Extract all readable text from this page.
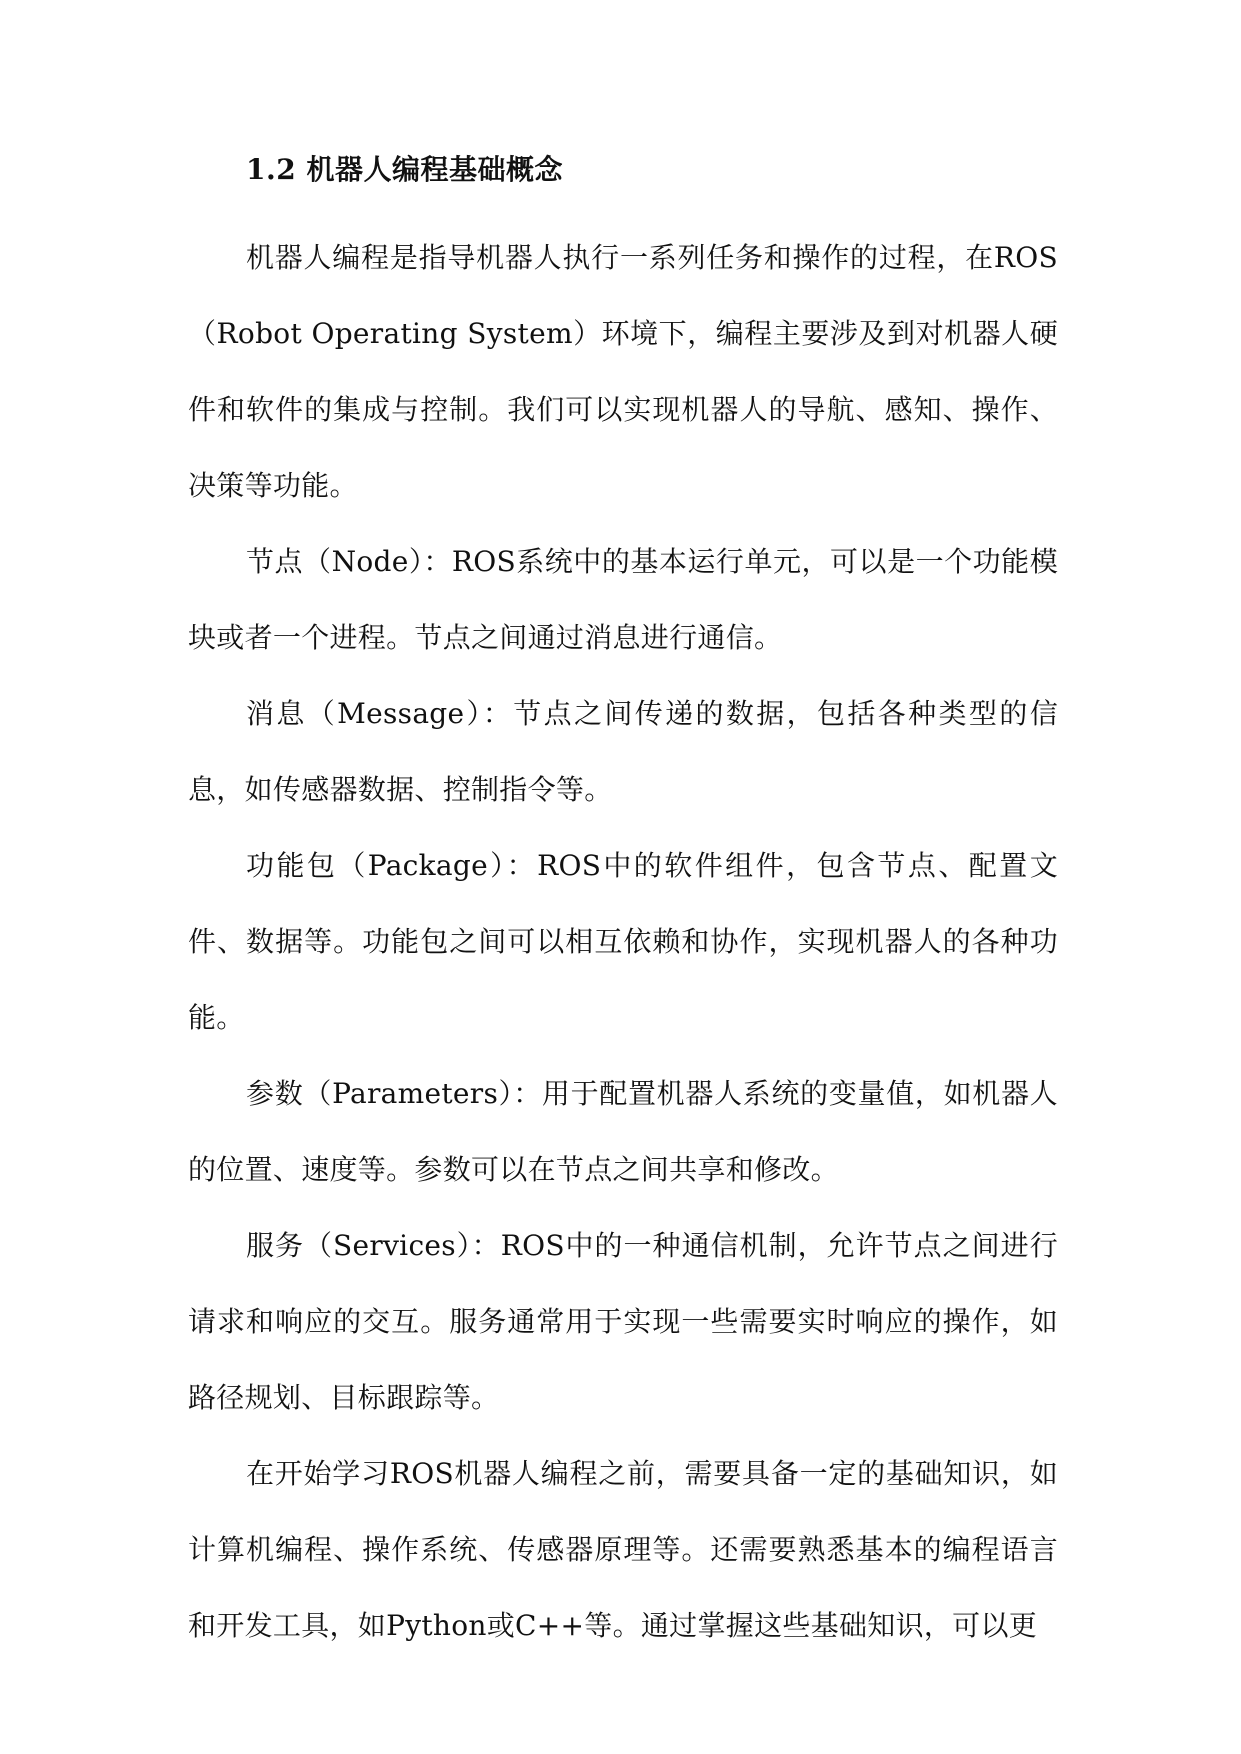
1.2 机器人编程基础概念

机器人编程是指导机器人执行一系列任务和操作的过程，在ROS（Robot Operating System）环境下，编程主要涉及到对机器人硬件和软件的集成与控制。我们可以实现机器人的导航、感知、操作、决策等功能。

节点（Node）：ROS系统中的基本运行单元，可以是一个功能模块或者一个进程。节点之间通过消息进行通信。

消息（Message）：节点之间传递的数据，包括各种类型的信息，如传感器数据、控制指令等。

功能包（Package）：ROS中的软件组件，包含节点、配置文件、数据等。功能包之间可以相互依赖和协作，实现机器人的各种功能。

参数（Parameters）：用于配置机器人系统的变量值，如机器人的位置、速度等。参数可以在节点之间共享和修改。

服务（Services）：ROS中的一种通信机制，允许节点之间进行请求和响应的交互。服务通常用于实现一些需要实时响应的操作，如路径规划、目标跟踪等。

在开始学习ROS机器人编程之前，需要具备一定的基础知识，如计算机编程、操作系统、传感器原理等。还需要熟悉基本的编程语言和开发工具，如Python或C++等。通过掌握这些基础知识，可以更
